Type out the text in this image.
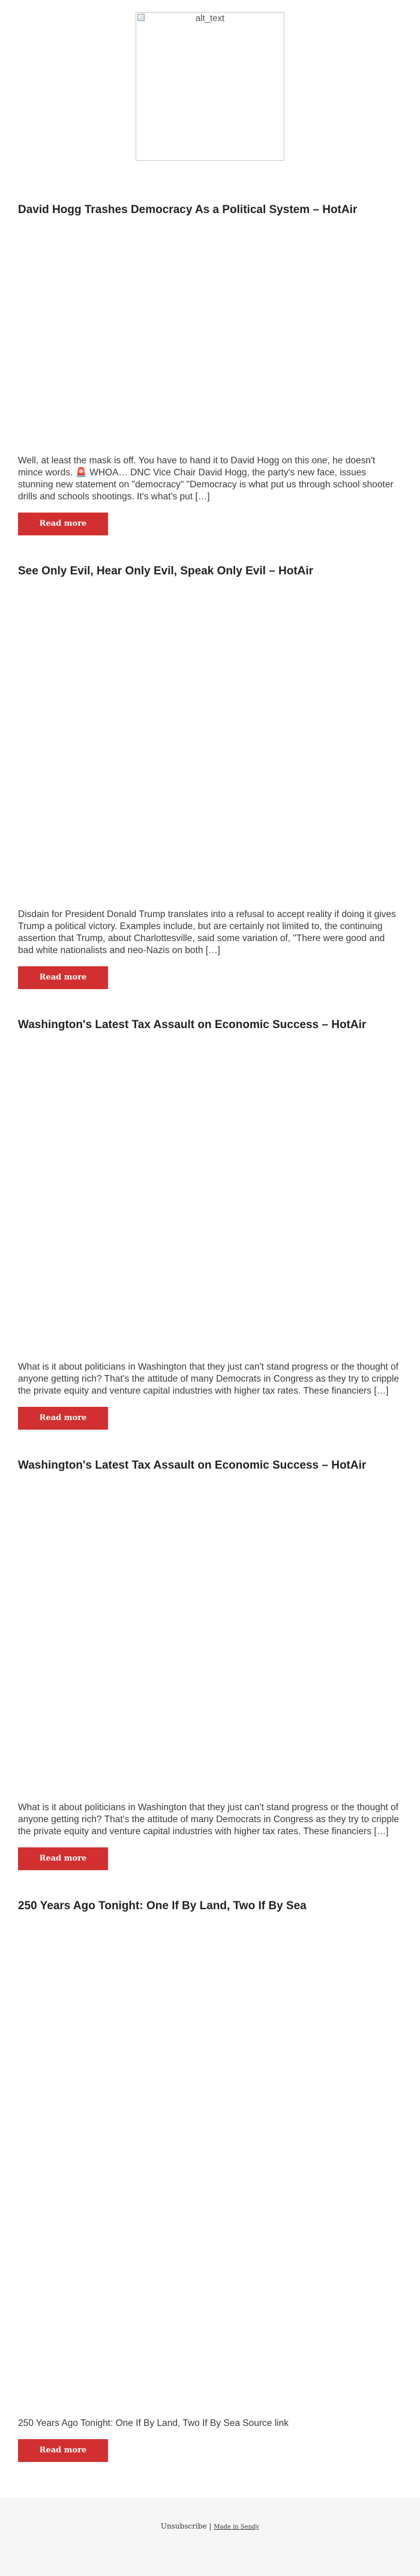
alt_text
David Hogg Trashes Democracy As a Political System – HotAir

Well, at least the mask is off. You have to hand it to David Hogg on this one, he doesn't mince words. 🚨 WHOA… DNC Vice Chair David Hogg, the party's new face, issues stunning new statement on "democracy" "Democracy is what put us through school shooter drills and schools shootings. It's what's put […]

Read more
See Only Evil, Hear Only Evil, Speak Only Evil – HotAir

Disdain for President Donald Trump translates into a refusal to accept reality if doing it gives Trump a political victory. Examples include, but are certainly not limited to, the continuing assertion that Trump, about Charlottesville, said some variation of, "There were good and bad white nationalists and neo-Nazis on both […]

Read more
Washington's Latest Tax Assault on Economic Success – HotAir

What is it about politicians in Washington that they just can't stand progress or the thought of anyone getting rich? That's the attitude of many Democrats in Congress as they try to cripple the private equity and venture capital industries with higher tax rates. These financiers […]

Read more
Washington's Latest Tax Assault on Economic Success – HotAir

What is it about politicians in Washington that they just can't stand progress or the thought of anyone getting rich? That's the attitude of many Democrats in Congress as they try to cripple the private equity and venture capital industries with higher tax rates. These financiers […]

Read more
250 Years Ago Tonight: One If By Land, Two If By Sea

250 Years Ago Tonight: One If By Land, Two If By Sea Source link

Read more
Unsubscribe | Made in Sendy
